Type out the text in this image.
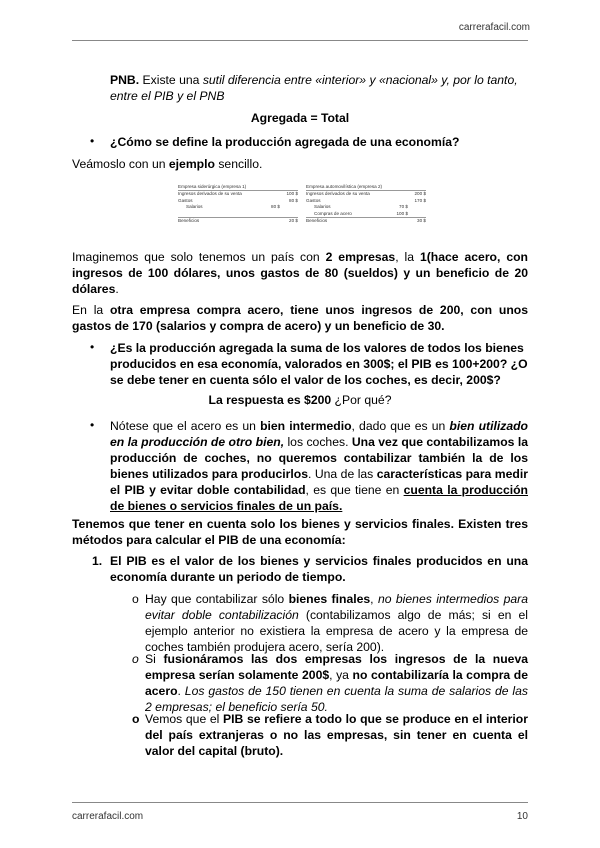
carrerafacil.com
PNB. Existe una sutil diferencia entre «interior» y «nacional» y, por lo tanto, entre el PIB y el PNB
Agregada = Total
• ¿Cómo se define la producción agregada de una economía?
Veámoslo con un ejemplo sencillo.
Empresa siderúrgica (empresa 1)
Ingresos derivados de su venta	100 $
Gastos	80 $
Salarios	80 $

Beneficios	20 $
Empresa automovilística (empresa 2)
Ingresos derivados de su venta	200 $
Gastos	170 $
Salarios	70 $
Compras de acero	100 $
Beneficios	30 $
Imaginemos que solo tenemos un país con 2 empresas, la 1(hace acero, con ingresos de 100 dólares, unos gastos de 80 (sueldos) y un beneficio de 20 dólares.
En la otra empresa compra acero, tiene unos ingresos de 200, con unos gastos de 170 (salarios y compra de acero) y un beneficio de 30.
• ¿Es la producción agregada la suma de los valores de todos los bienes producidos en esa economía, valorados en 300$; el PIB es 100+200? ¿O se debe tener en cuenta sólo el valor de los coches, es decir, 200$?
La respuesta es $200 ¿Por qué?
• Nótese que el acero es un bien intermedio, dado que es un bien utilizado en la producción de otro bien, los coches. Una vez que contabilizamos la producción de coches, no queremos contabilizar también la de los bienes utilizados para producirlos. Una de las características para medir el PIB y evitar doble contabilidad, es que tiene en cuenta la producción de bienes o servicios finales de un país.
Tenemos que tener en cuenta solo los bienes y servicios finales. Existen tres métodos para calcular el PIB de una economía:
1. El PIB es el valor de los bienes y servicios finales producidos en una economía durante un periodo de tiempo.
o Hay que contabilizar sólo bienes finales, no bienes intermedios para evitar doble contabilización (contabilizamos algo de más; si en el ejemplo anterior no existiera la empresa de acero y la empresa de coches también produjera acero, sería 200).
o Si fusionáramos las dos empresas los ingresos de la nueva empresa serían solamente 200$, ya no contabilizaría la compra de acero. Los gastos de 150 tienen en cuenta la suma de salarios de las 2 empresas; el beneficio sería 50.
o Vemos que el PIB se refiere a todo lo que se produce en el interior del país extranjeras o no las empresas, sin tener en cuenta el valor del capital (bruto).
carrerafacil.com	10
